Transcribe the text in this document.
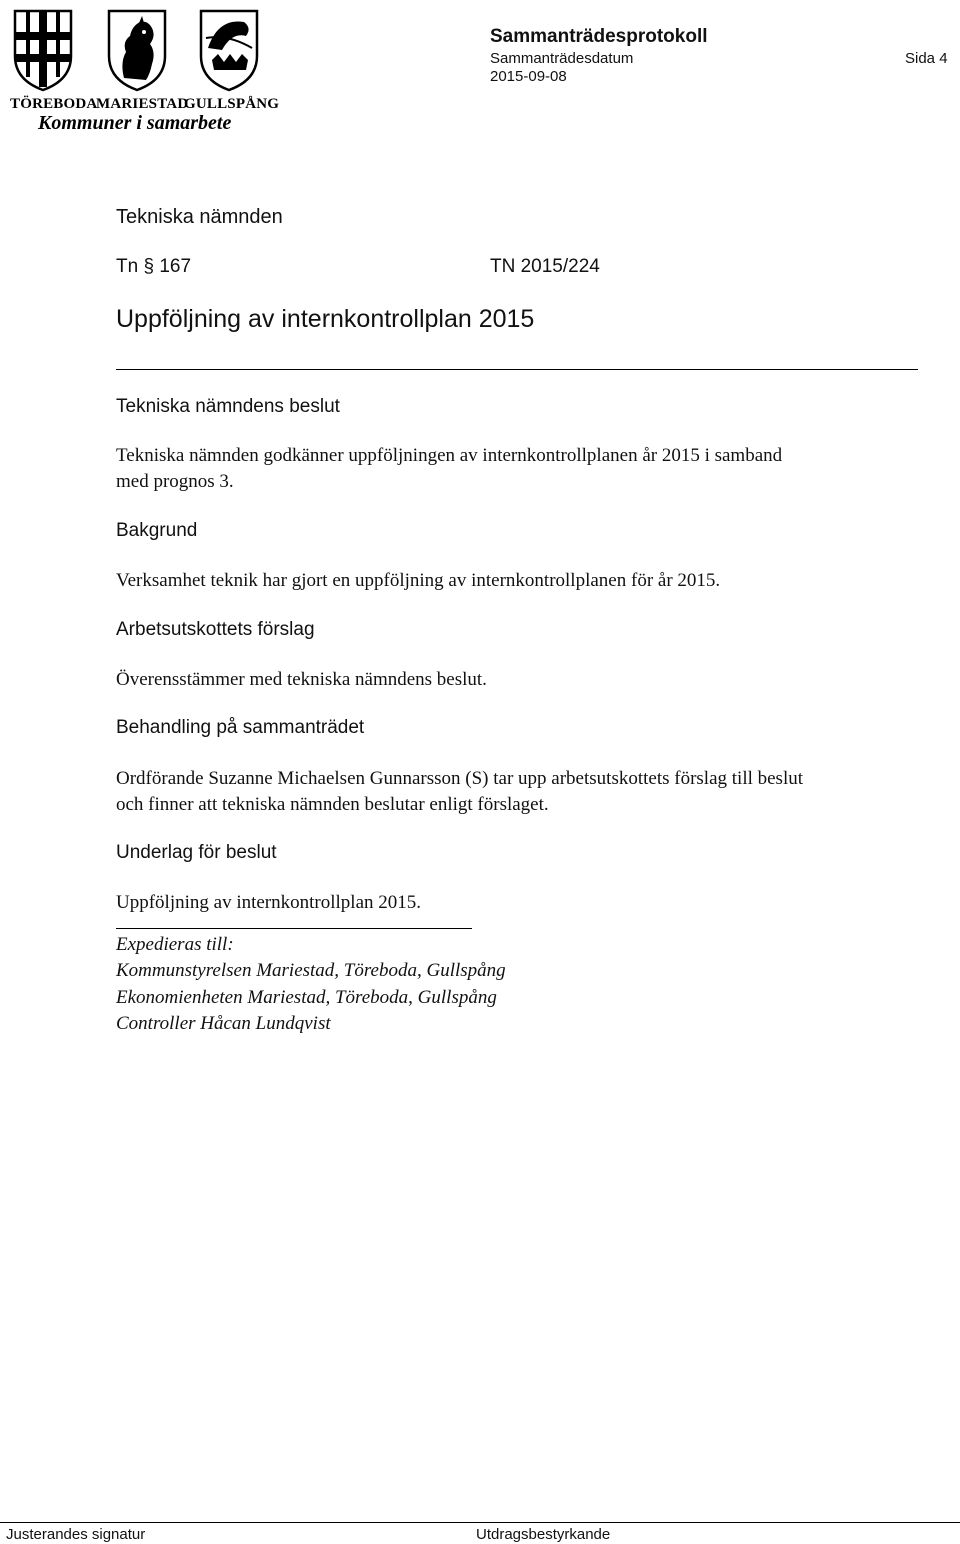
TÖREBODA
MARIESTAD
GULLSPÅNG
Kommuner i samarbete
Sammanträdesprotokoll
Sammanträdesdatum
2015-09-08
Sida 4
Tekniska nämnden
Tn § 167	TN 2015/224
Uppföljning av internkontrollplan 2015
Tekniska nämndens beslut
Tekniska nämnden godkänner uppföljningen av internkontrollplanen år 2015 i samband
med prognos 3.
Bakgrund
Verksamhet teknik har gjort en uppföljning av internkontrollplanen för år 2015.
Arbetsutskottets förslag
Överensstämmer med tekniska nämndens beslut.
Behandling på sammanträdet
Ordförande Suzanne Michaelsen Gunnarsson (S) tar upp arbetsutskottets förslag till beslut
och finner att tekniska nämnden beslutar enligt förslaget.
Underlag för beslut
Uppföljning av internkontrollplan 2015.
Expedieras till:
Kommunstyrelsen Mariestad, Töreboda, Gullspång
Ekonomienheten Mariestad, Töreboda, Gullspång
Controller Håcan Lundqvist
Justerandes signatur	Utdragsbestyrkande
